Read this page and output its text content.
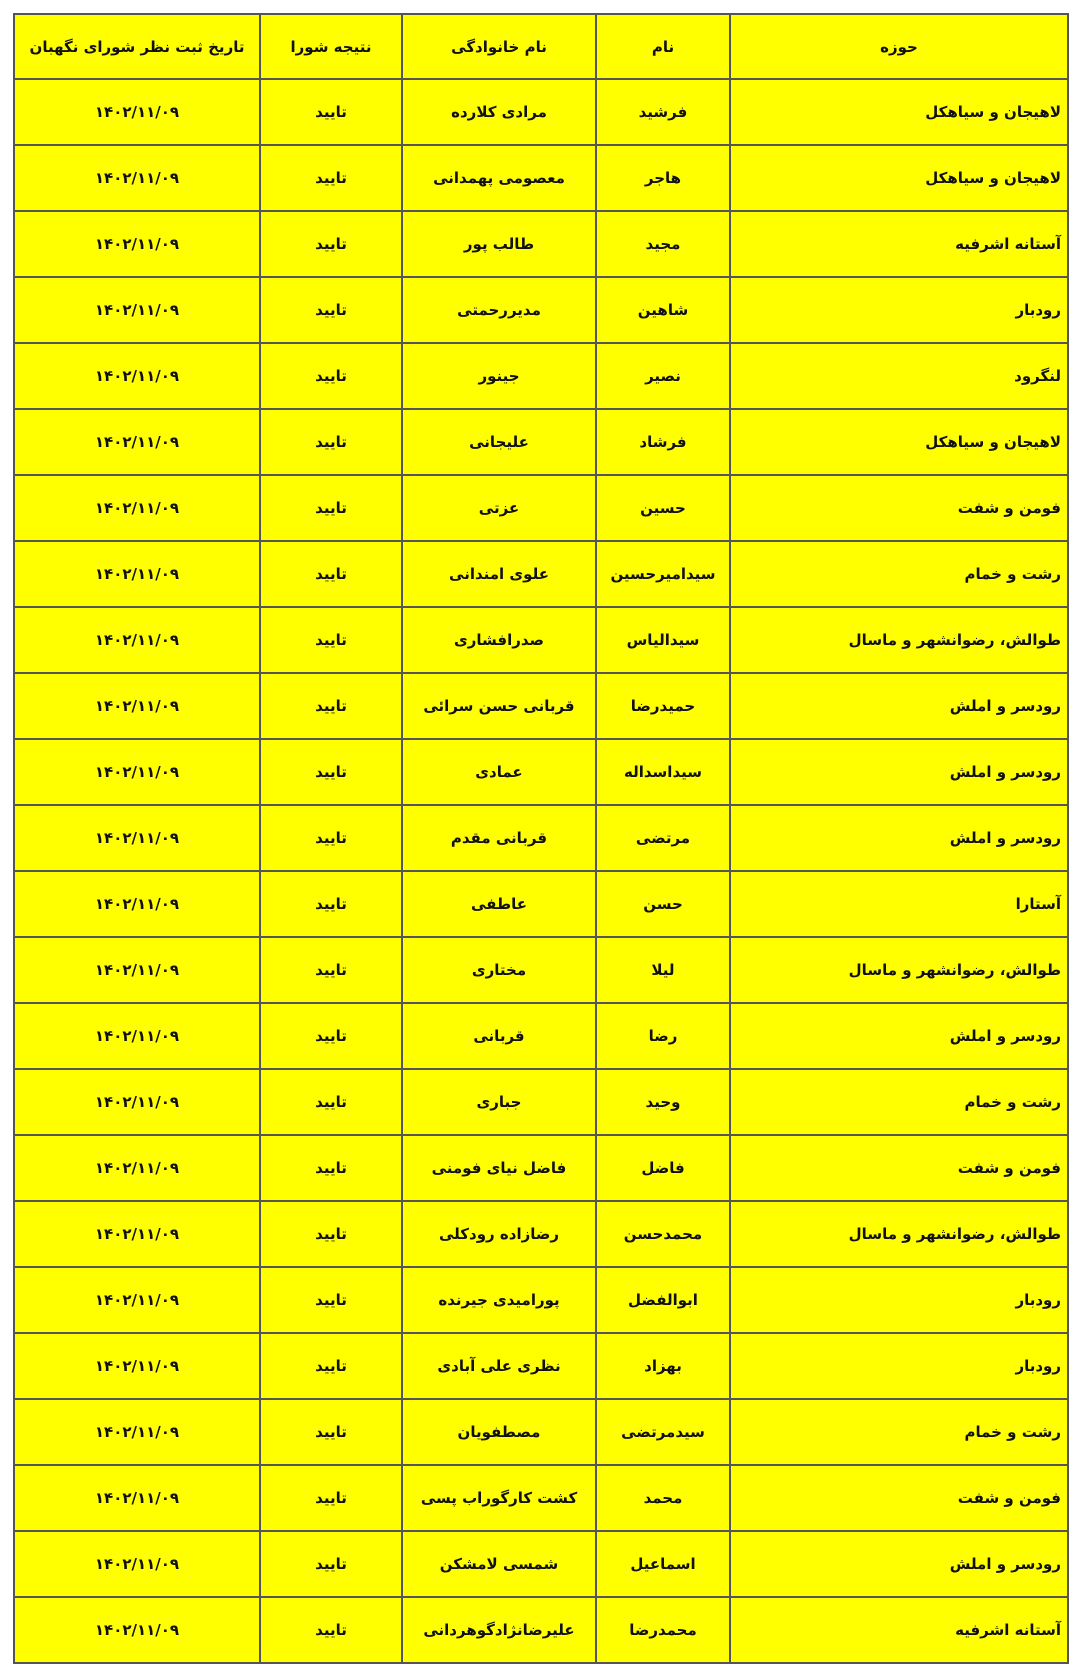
حوزه	نام	نام خانوادگی	نتیجه شورا	تاریخ ثبت نظر شورای نگهبان
لاهیجان و سیاهکل	فرشید	مرادی کلارده	تایید	۱۴۰۲/۱۱/۰۹
لاهیجان و سیاهکل	هاجر	معصومی پهمدانی	تایید	۱۴۰۲/۱۱/۰۹
آستانه اشرفیه	مجید	طالب پور	تایید	۱۴۰۲/۱۱/۰۹
رودبار	شاهین	مدیررحمتی	تایید	۱۴۰۲/۱۱/۰۹
لنگرود	نصیر	جینور	تایید	۱۴۰۲/۱۱/۰۹
لاهیجان و سیاهکل	فرشاد	علیجانی	تایید	۱۴۰۲/۱۱/۰۹
فومن و شفت	حسین	عزتی	تایید	۱۴۰۲/۱۱/۰۹
رشت و خمام	سیدامیرحسین	علوی امندانی	تایید	۱۴۰۲/۱۱/۰۹
طوالش، رضوانشهر و ماسال	سیدالیاس	صدرافشاری	تایید	۱۴۰۲/۱۱/۰۹
رودسر و املش	حمیدرضا	قربانی حسن سرائی	تایید	۱۴۰۲/۱۱/۰۹
رودسر و املش	سیداسداله	عمادی	تایید	۱۴۰۲/۱۱/۰۹
رودسر و املش	مرتضی	قربانی مقدم	تایید	۱۴۰۲/۱۱/۰۹
آستارا	حسن	عاطفی	تایید	۱۴۰۲/۱۱/۰۹
طوالش، رضوانشهر و ماسال	لیلا	مختاری	تایید	۱۴۰۲/۱۱/۰۹
رودسر و املش	رضا	قربانی	تایید	۱۴۰۲/۱۱/۰۹
رشت و خمام	وحید	جباری	تایید	۱۴۰۲/۱۱/۰۹
فومن و شفت	فاضل	فاضل نیای فومنی	تایید	۱۴۰۲/۱۱/۰۹
طوالش، رضوانشهر و ماسال	محمدحسن	رضازاده رودکلی	تایید	۱۴۰۲/۱۱/۰۹
رودبار	ابوالفضل	پورامیدی جیرنده	تایید	۱۴۰۲/۱۱/۰۹
رودبار	بهزاد	نظری علی آبادی	تایید	۱۴۰۲/۱۱/۰۹
رشت و خمام	سیدمرتضی	مصطفویان	تایید	۱۴۰۲/۱۱/۰۹
فومن و شفت	محمد	کشت کارگوراب پسی	تایید	۱۴۰۲/۱۱/۰۹
رودسر و املش	اسماعیل	شمسی لامشکن	تایید	۱۴۰۲/۱۱/۰۹
آستانه اشرفیه	محمدرضا	علیرضانژادگوهردانی	تایید	۱۴۰۲/۱۱/۰۹
